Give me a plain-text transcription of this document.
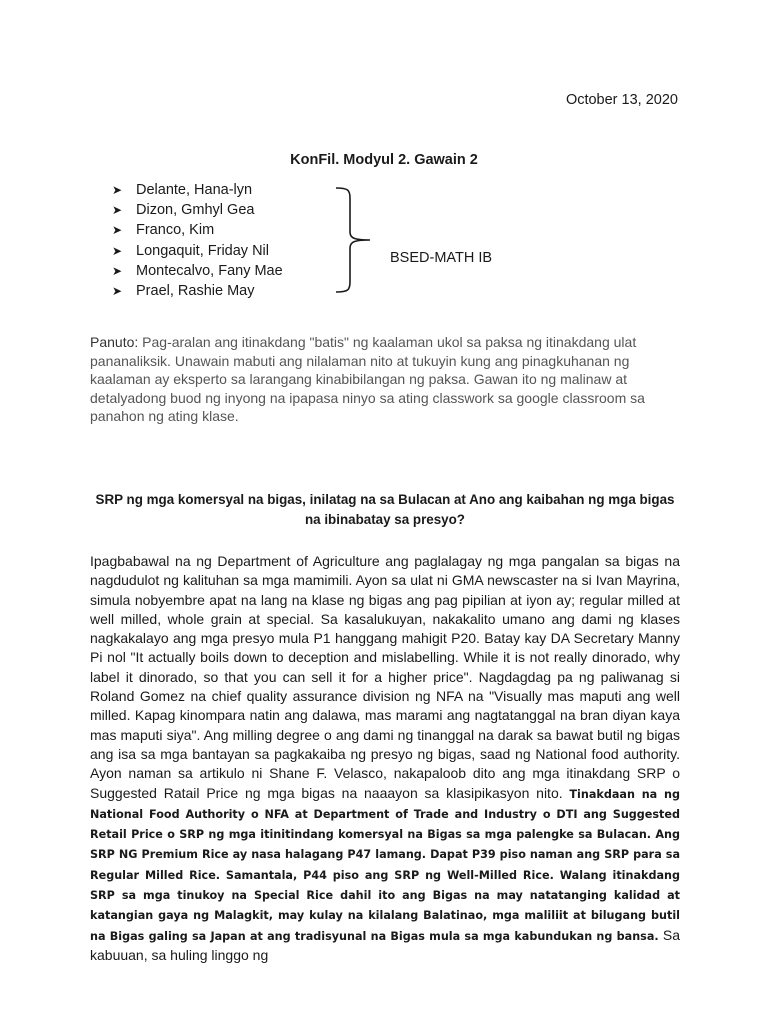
October 13, 2020
KonFil. Modyul 2. Gawain 2
➤ Delante, Hana-lyn
➤ Dizon, Gmhyl Gea
➤ Franco, Kim
➤ Longaquit, Friday Nil
➤ Montecalvo, Fany Mae
➤ Prael, Rashie May
BSED-MATH IB
Panuto: Pag-aralan ang itinakdang "batis" ng kaalaman ukol sa paksa ng itinakdang ulat pananaliksik. Unawain mabuti ang nilalaman nito at tukuyin kung ang pinagkuhanan ng kaalaman ay eksperto sa larangang kinabibilangan ng paksa. Gawan ito ng malinaw at detalyadong buod ng inyong na ipapasa ninyo sa ating classwork sa google classroom sa panahon ng ating klase.
SRP ng mga komersyal na bigas, inilatag na sa Bulacan at Ano ang kaibahan ng mga bigas na ibinabatay sa presyo?
Ipagbabawal na ng Department of Agriculture ang paglalagay ng mga pangalan sa bigas na nagdudulot ng kalituhan sa mga mamimili. Ayon sa ulat ni GMA newscaster na si Ivan Mayrina, simula nobyembre apat na lang na klase ng bigas ang pag pipilian at iyon ay; regular milled at well milled, whole grain at special. Sa kasalukuyan, nakakalito umano ang dami ng klases nagkakalayo ang mga presyo mula P1 hanggang mahigit P20. Batay kay DA Secretary Manny Pi nol "It actually boils down to deception and mislabelling. While it is not really dinorado, why label it dinorado, so that you can sell it for a higher price". Nagdagdag pa ng paliwanag si Roland Gomez na chief quality assurance division ng NFA na "Visually mas maputi ang well milled. Kapag kinompara natin ang dalawa, mas marami ang nagtatanggal na bran diyan kaya mas maputi siya". Ang milling degree o ang dami ng tinanggal na darak sa bawat butil ng bigas ang isa sa mga bantayan sa pagkakaiba ng presyo ng bigas, saad ng National food authority. Ayon naman sa artikulo ni Shane F. Velasco, nakapaloob dito ang mga itinakdang SRP o Suggested Ratail Price ng mga bigas na naaayon sa klasipikasyon nito. Tinakdaan na ng National Food Authority o NFA at Department of Trade and Industry o DTI ang Suggested Retail Price o SRP ng mga itinitindang komersyal na Bigas sa mga palengke sa Bulacan. Ang SRP NG Premium Rice ay nasa halagang P47 lamang. Dapat P39 piso naman ang SRP para sa Regular Milled Rice. Samantala, P44 piso ang SRP ng Well-Milled Rice. Walang itinakdang SRP sa mga tinukoy na Special Rice dahil ito ang Bigas na may natatanging kalidad at katangian gaya ng Malagkit, may kulay na kilalang Balatinao, mga maliliit at bilugang butil na Bigas galing sa Japan at ang tradisyunal na Bigas mula sa mga kabundukan ng bansa. Sa kabuuan, sa huling linggo ng
